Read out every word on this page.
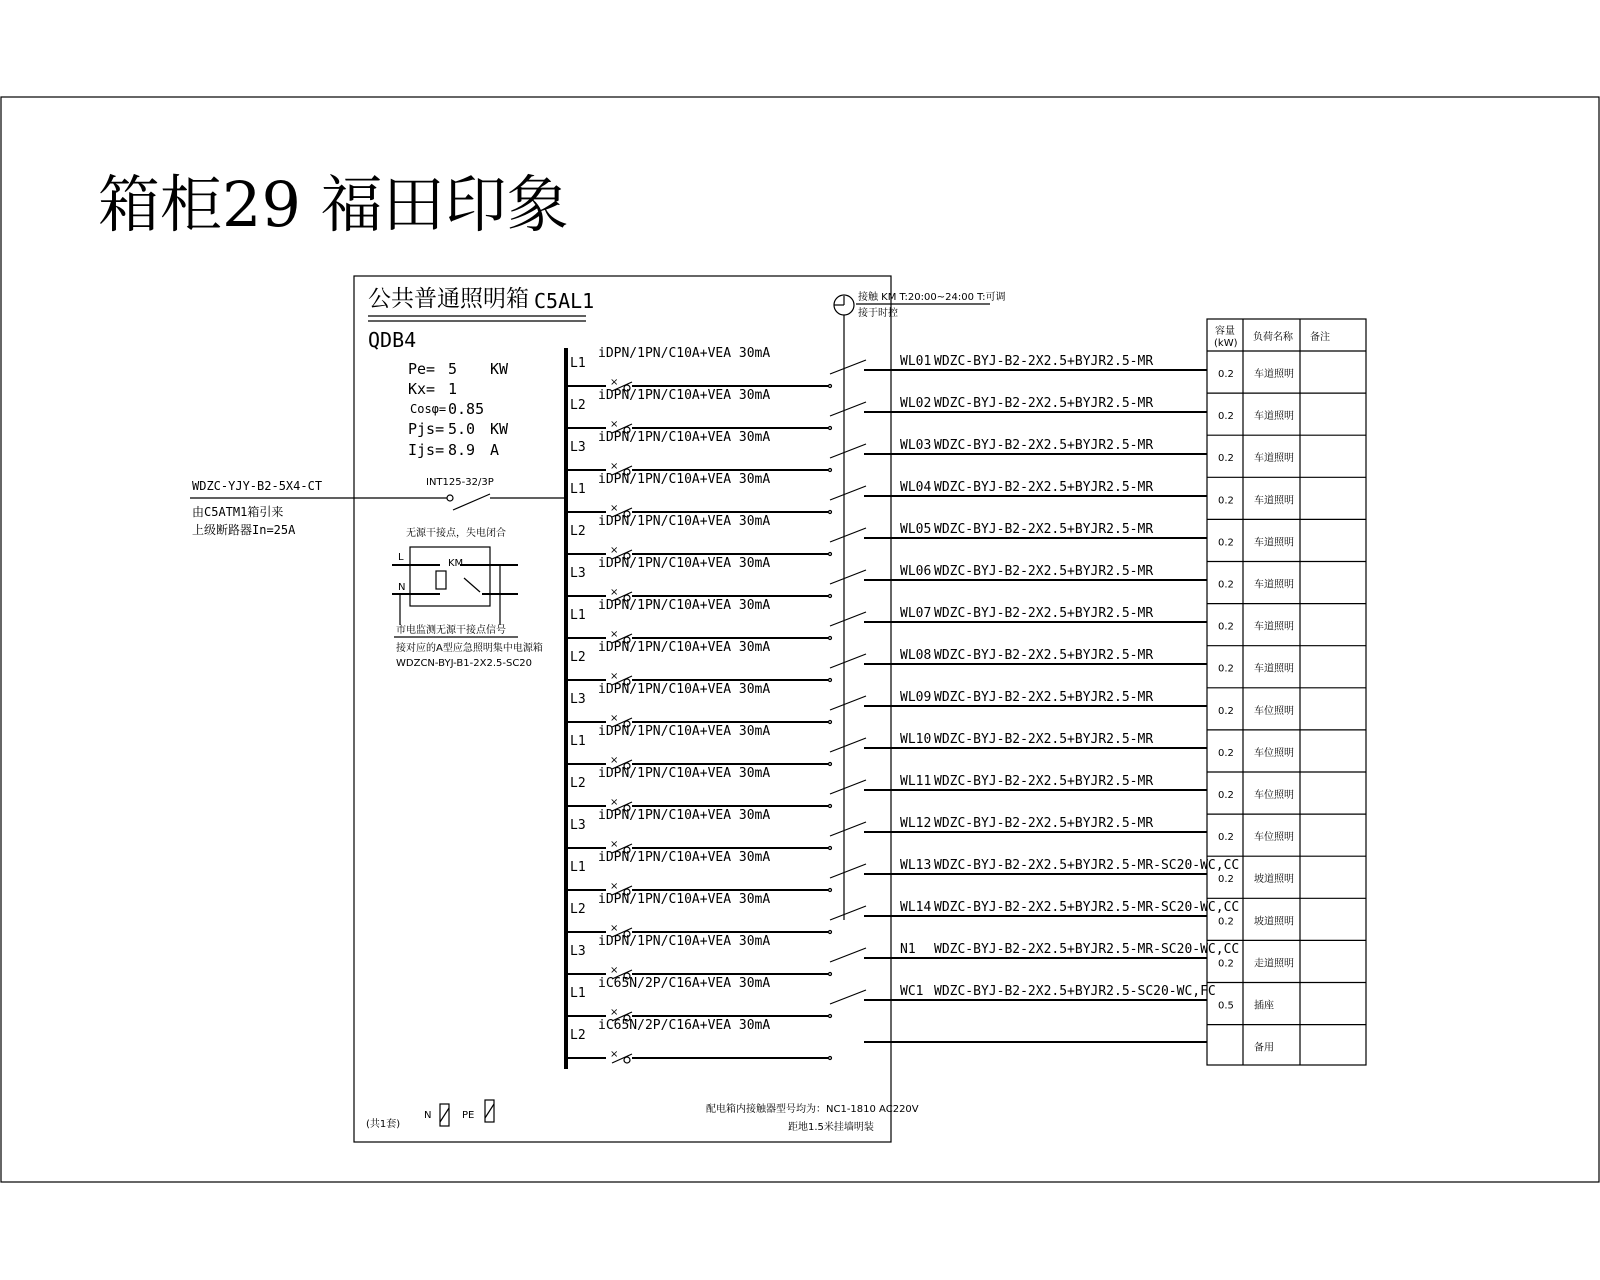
箱柜29 福田印象
公共普通照明箱 C5AL1
QDB4
Pe= 5 KW
Kx= 1
Cosφ= 0.85
Pjs= 5.0 KW
Ijs= 8.9 A
WDZC-YJY-B2-5X4-CT
由C5ATM1箱引来
上级断路器In=25A
INT125-32/3P
无源干接点，失电闭合
L
N
KM
市电监测无源干接点信号
接对应的A型应急照明集中电源箱
WDZCN-BYJ-B1-2X2.5-SC20
接触 KM T:20:00~24:00 T:可调
接于时控
L1
iDPN/1PN/C10A+VEA 30mA
×
WL01 WDZC-BYJ-B2-2X2.5+BYJR2.5-MR
L2
iDPN/1PN/C10A+VEA 30mA
×
WL02 WDZC-BYJ-B2-2X2.5+BYJR2.5-MR
L3
iDPN/1PN/C10A+VEA 30mA
×
WL03 WDZC-BYJ-B2-2X2.5+BYJR2.5-MR
L1
iDPN/1PN/C10A+VEA 30mA
×
WL04 WDZC-BYJ-B2-2X2.5+BYJR2.5-MR
L2
iDPN/1PN/C10A+VEA 30mA
×
WL05 WDZC-BYJ-B2-2X2.5+BYJR2.5-MR
L3
iDPN/1PN/C10A+VEA 30mA
×
WL06 WDZC-BYJ-B2-2X2.5+BYJR2.5-MR
L1
iDPN/1PN/C10A+VEA 30mA
×
WL07 WDZC-BYJ-B2-2X2.5+BYJR2.5-MR
L2
iDPN/1PN/C10A+VEA 30mA
×
WL08 WDZC-BYJ-B2-2X2.5+BYJR2.5-MR
L3
iDPN/1PN/C10A+VEA 30mA
×
WL09 WDZC-BYJ-B2-2X2.5+BYJR2.5-MR
L1
iDPN/1PN/C10A+VEA 30mA
×
WL10 WDZC-BYJ-B2-2X2.5+BYJR2.5-MR
L2
iDPN/1PN/C10A+VEA 30mA
×
WL11 WDZC-BYJ-B2-2X2.5+BYJR2.5-MR
L3
iDPN/1PN/C10A+VEA 30mA
×
WL12 WDZC-BYJ-B2-2X2.5+BYJR2.5-MR
L1
iDPN/1PN/C10A+VEA 30mA
×
WL13 WDZC-BYJ-B2-2X2.5+BYJR2.5-MR-SC20-WC,CC
L2
iDPN/1PN/C10A+VEA 30mA
×
WL14 WDZC-BYJ-B2-2X2.5+BYJR2.5-MR-SC20-WC,CC
L3
iDPN/1PN/C10A+VEA 30mA
×
N1 WDZC-BYJ-B2-2X2.5+BYJR2.5-MR-SC20-WC,CC
L1
iC65N/2P/C16A+VEA 30mA
×
WC1 WDZC-BYJ-B2-2X2.5+BYJR2.5-SC20-WC,FC
L2
iC65N/2P/C16A+VEA 30mA
×
容量
(kW)
负荷名称 备注
0.2 车道照明
0.2 车道照明
0.2 车道照明
0.2 车道照明
0.2 车道照明
0.2 车道照明
0.2 车道照明
0.2 车道照明
0.2 车位照明
0.2 车位照明
0.2 车位照明
0.2 车位照明
0.2 坡道照明
0.2 坡道照明
0.2 走道照明
0.5 插座
备用
(共1套)
N	PE
配电箱内接触器型号均为：NC1-1810 AC220V
距地1.5米挂墙明装
